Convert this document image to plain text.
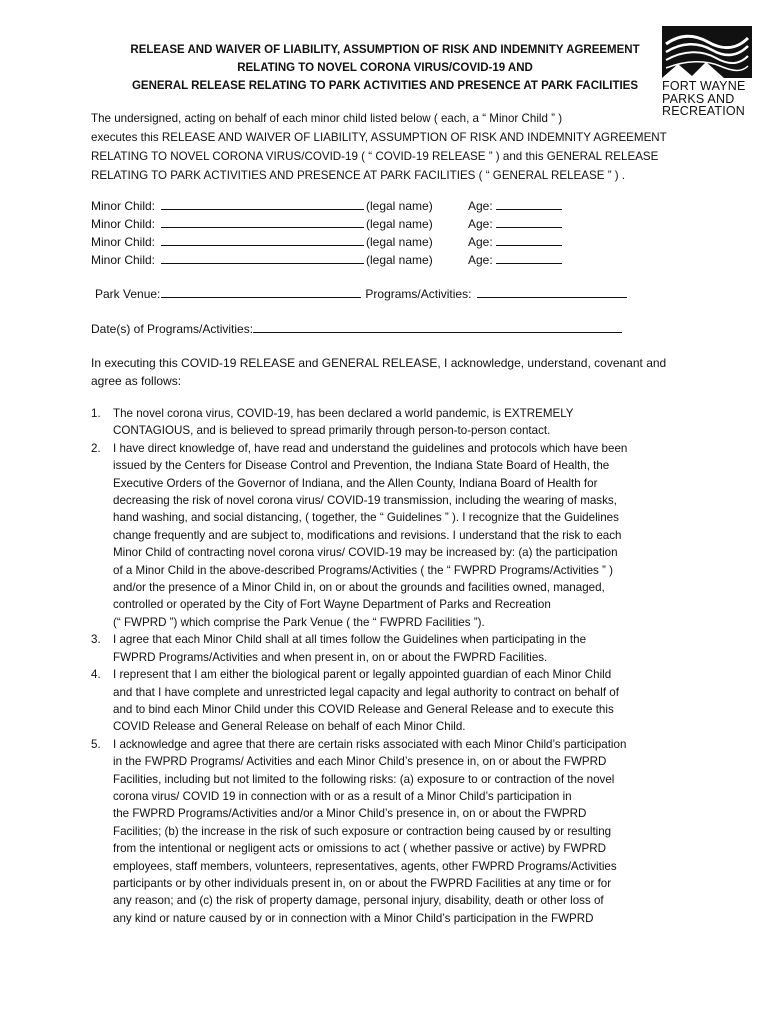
RELEASE AND WAIVER OF LIABILITY, ASSUMPTION OF RISK AND INDEMNITY AGREEMENT
RELATING TO NOVEL CORONA VIRUS/COVID-19 AND
GENERAL RELEASE RELATING TO PARK ACTIVITIES AND PRESENCE AT PARK FACILITIES	FORT WAYNE
PARKS AND
RECREATION
The undersigned, acting on behalf of each minor child listed below ( each, a “ Minor Child ” )
executes this RELEASE AND WAIVER OF LIABILITY, ASSUMPTION OF RISK AND INDEMNITY AGREEMENT
RELATING TO NOVEL CORONA VIRUS/COVID-19 ( “ COVID-19 RELEASE ” ) and this GENERAL RELEASE
RELATING TO PARK ACTIVITIES AND PRESENCE AT PARK FACILITIES ( “ GENERAL RELEASE ” ) .
Minor Child:	(legal name)	Age:
Minor Child:	(legal name)	Age:
Minor Child:	(legal name)	Age:
Minor Child:	(legal name)	Age:
Park Venue:	Programs/Activities:
Date(s) of Programs/Activities:
In executing this COVID-19 RELEASE and GENERAL RELEASE, I acknowledge, understand, covenant and
agree as follows:
1.	The novel corona virus, COVID-19, has been declared a world pandemic, is EXTREMELY
CONTAGIOUS, and is believed to spread primarily through person-to-person contact.
2.	I have direct knowledge of, have read and understand the guidelines and protocols which have been
issued by the Centers for Disease Control and Prevention, the Indiana State Board of Health, the
Executive Orders of the Governor of Indiana, and the Allen County, Indiana Board of Health for
decreasing the risk of novel corona virus/ COVID-19 transmission, including the wearing of masks,
hand washing, and social distancing, ( together, the “ Guidelines ” ). I recognize that the Guidelines
change frequently and are subject to, modifications and revisions. I understand that the risk to each
Minor Child of contracting novel corona virus/ COVID-19 may be increased by: (a) the participation
of a Minor Child in the above-described Programs/Activities ( the “ FWPRD Programs/Activities ” )
and/or the presence of a Minor Child in, on or about the grounds and facilities owned, managed,
controlled or operated by the City of Fort Wayne Department of Parks and Recreation
(“ FWPRD ”) which comprise the Park Venue ( the “ FWPRD Facilities ”).
3.	I agree that each Minor Child shall at all times follow the Guidelines when participating in the
FWPRD Programs/Activities and when present in, on or about the FWPRD Facilities.
4.	I represent that I am either the biological parent or legally appointed guardian of each Minor Child
and that I have complete and unrestricted legal capacity and legal authority to contract on behalf of
and to bind each Minor Child under this COVID Release and General Release and to execute this
COVID Release and General Release on behalf of each Minor Child.
5.	I acknowledge and agree that there are certain risks associated with each Minor Child’s participation
in the FWPRD Programs/ Activities and each Minor Child’s presence in, on or about the FWPRD
Facilities, including but not limited to the following risks: (a) exposure to or contraction of the novel
corona virus/ COVID 19 in connection with or as a result of a Minor Child’s participation in
the FWPRD Programs/Activities and/or a Minor Child’s presence in, on or about the FWPRD
Facilities; (b) the increase in the risk of such exposure or contraction being caused by or resulting
from the intentional or negligent acts or omissions to act ( whether passive or active) by FWPRD
employees, staff members, volunteers, representatives, agents, other FWPRD Programs/Activities
participants or by other individuals present in, on or about the FWPRD Facilities at any time or for
any reason; and (c) the risk of property damage, personal injury, disability, death or other loss of
any kind or nature caused by or in connection with a Minor Child’s participation in the FWPRD
